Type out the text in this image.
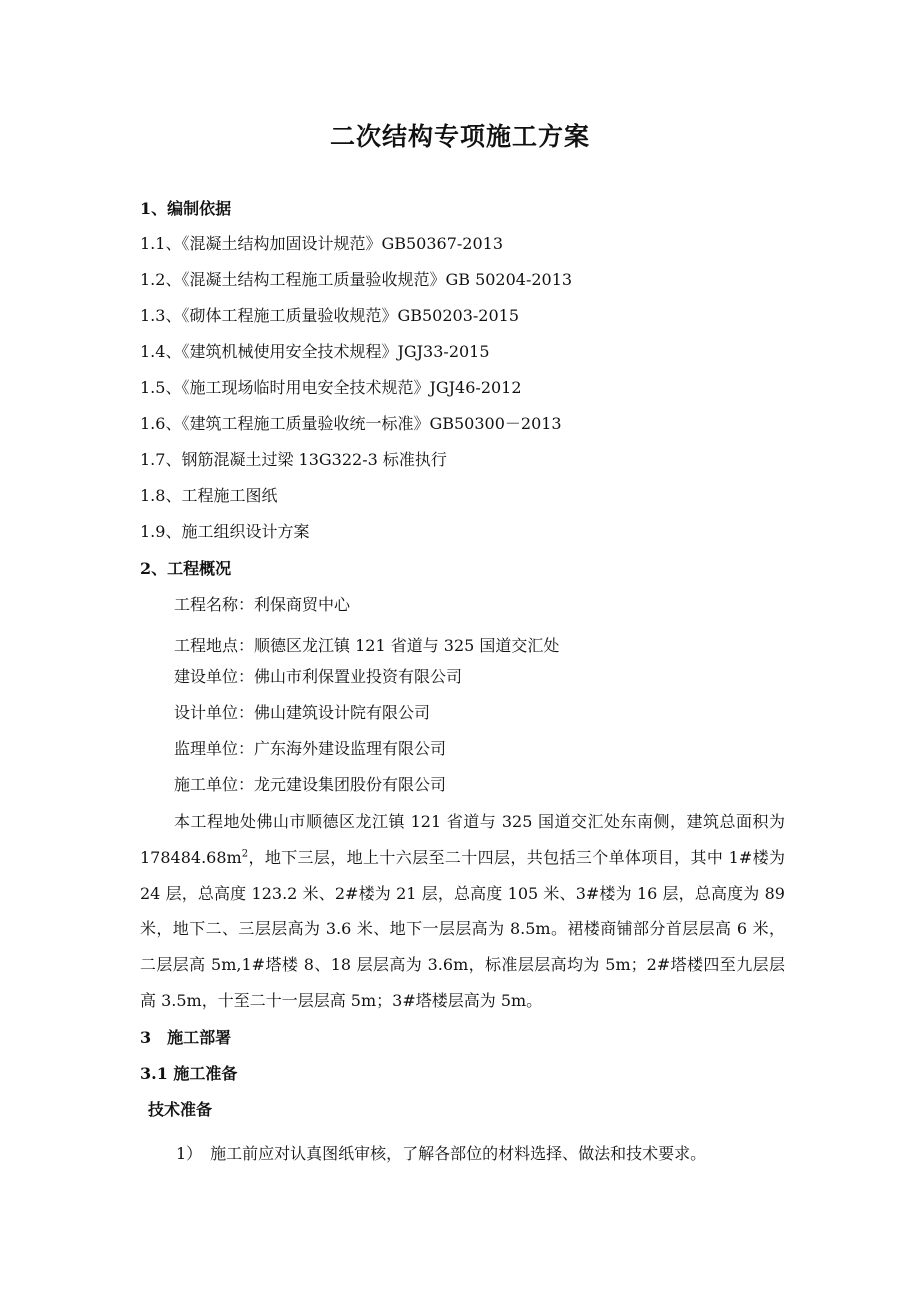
二次结构专项施工方案
1、编制依据
1.1、《混凝土结构加固设计规范》GB50367-2013
1.2、《混凝土结构工程施工质量验收规范》GB 50204-2013
1.3、《砌体工程施工质量验收规范》GB50203-2015
1.4、《建筑机械使用安全技术规程》JGJ33-2015
1.5、《施工现场临时用电安全技术规范》JGJ46-2012
1.6、《建筑工程施工质量验收统一标准》GB50300－2013
1.7、钢筋混凝土过梁 13G322-3 标准执行
1.8、工程施工图纸
1.9、施工组织设计方案
2、工程概况
工程名称：利保商贸中心
工程地点：顺德区龙江镇 121 省道与 325 国道交汇处
建设单位：佛山市利保置业投资有限公司
设计单位：佛山建筑设计院有限公司
监理单位：广东海外建设监理有限公司
施工单位：龙元建设集团股份有限公司
本工程地处佛山市顺德区龙江镇 121 省道与 325 国道交汇处东南侧，建筑总面积为 $178484.68m^2$，地下三层，地上十六层至二十四层，共包括三个单体项目，其中 1#楼为 24 层，总高度 123.2 米、2#楼为 21 层，总高度 105 米、3#楼为 16 层，总高度为 89 米，地下二、三层层高为 3.6 米、地下一层层高为 8.5m。裙楼商铺部分首层层高 6 米，二层层高 5m,1#塔楼 8、18 层层高为 3.6m，标准层层高均为 5m；2#塔楼四至九层层高 3.5m，十至二十一层层高 5m；3#塔楼层高为 5m。
3　施工部署
3.1 施工准备
技术准备
1）　施工前应对认真图纸审核，了解各部位的材料选择、做法和技术要求。
